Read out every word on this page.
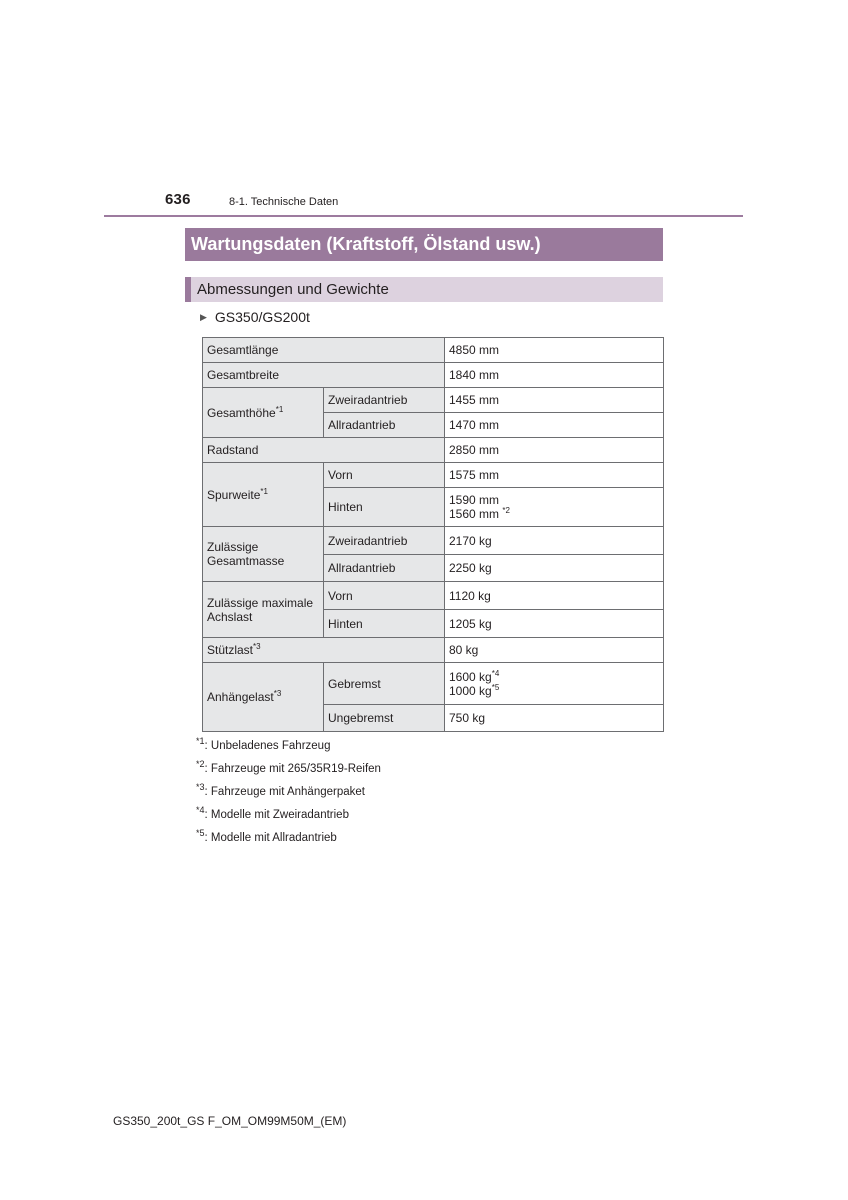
636	8-1. Technische Daten
Wartungsdaten (Kraftstoff, Ölstand usw.)
Abmessungen und Gewichte
▶ GS350/GS200t
Gesamtlänge		4850 mm
Gesamtbreite		1840 mm
Gesamthöhe$^{*1}$	Zweiradantrieb	1455 mm
	Allradantrieb	1470 mm
Radstand		2850 mm
Spurweite$^{*1}$	Vorn	1575 mm
	Hinten	1590 mm
1560 mm $^{*2}$

Zulässige
Gesamtmasse	Zweiradantrieb	2170 kg
	Allradantrieb	2250 kg

Zulässige maximale
Achslast	Vorn	1120 kg
	Hinten	1205 kg
Stützlast$^{*3}$		80 kg
Anhängelast$^{*3}$	Gebremst	1600 $kg^{*4}$
1000 $kg^{*5}$

	Ungebremst	750 kg
$^{*1}$: Unbeladenes Fahrzeug
$^{*2}$: Fahrzeuge mit 265/35R19-Reifen
$^{*3}$: Fahrzeuge mit Anhängerpaket
$^{*4}$: Modelle mit Zweiradantrieb
$^{*5}$: Modelle mit Allradantrieb
GS350_200t_GS F_OM_OM99M50M_(EM)
